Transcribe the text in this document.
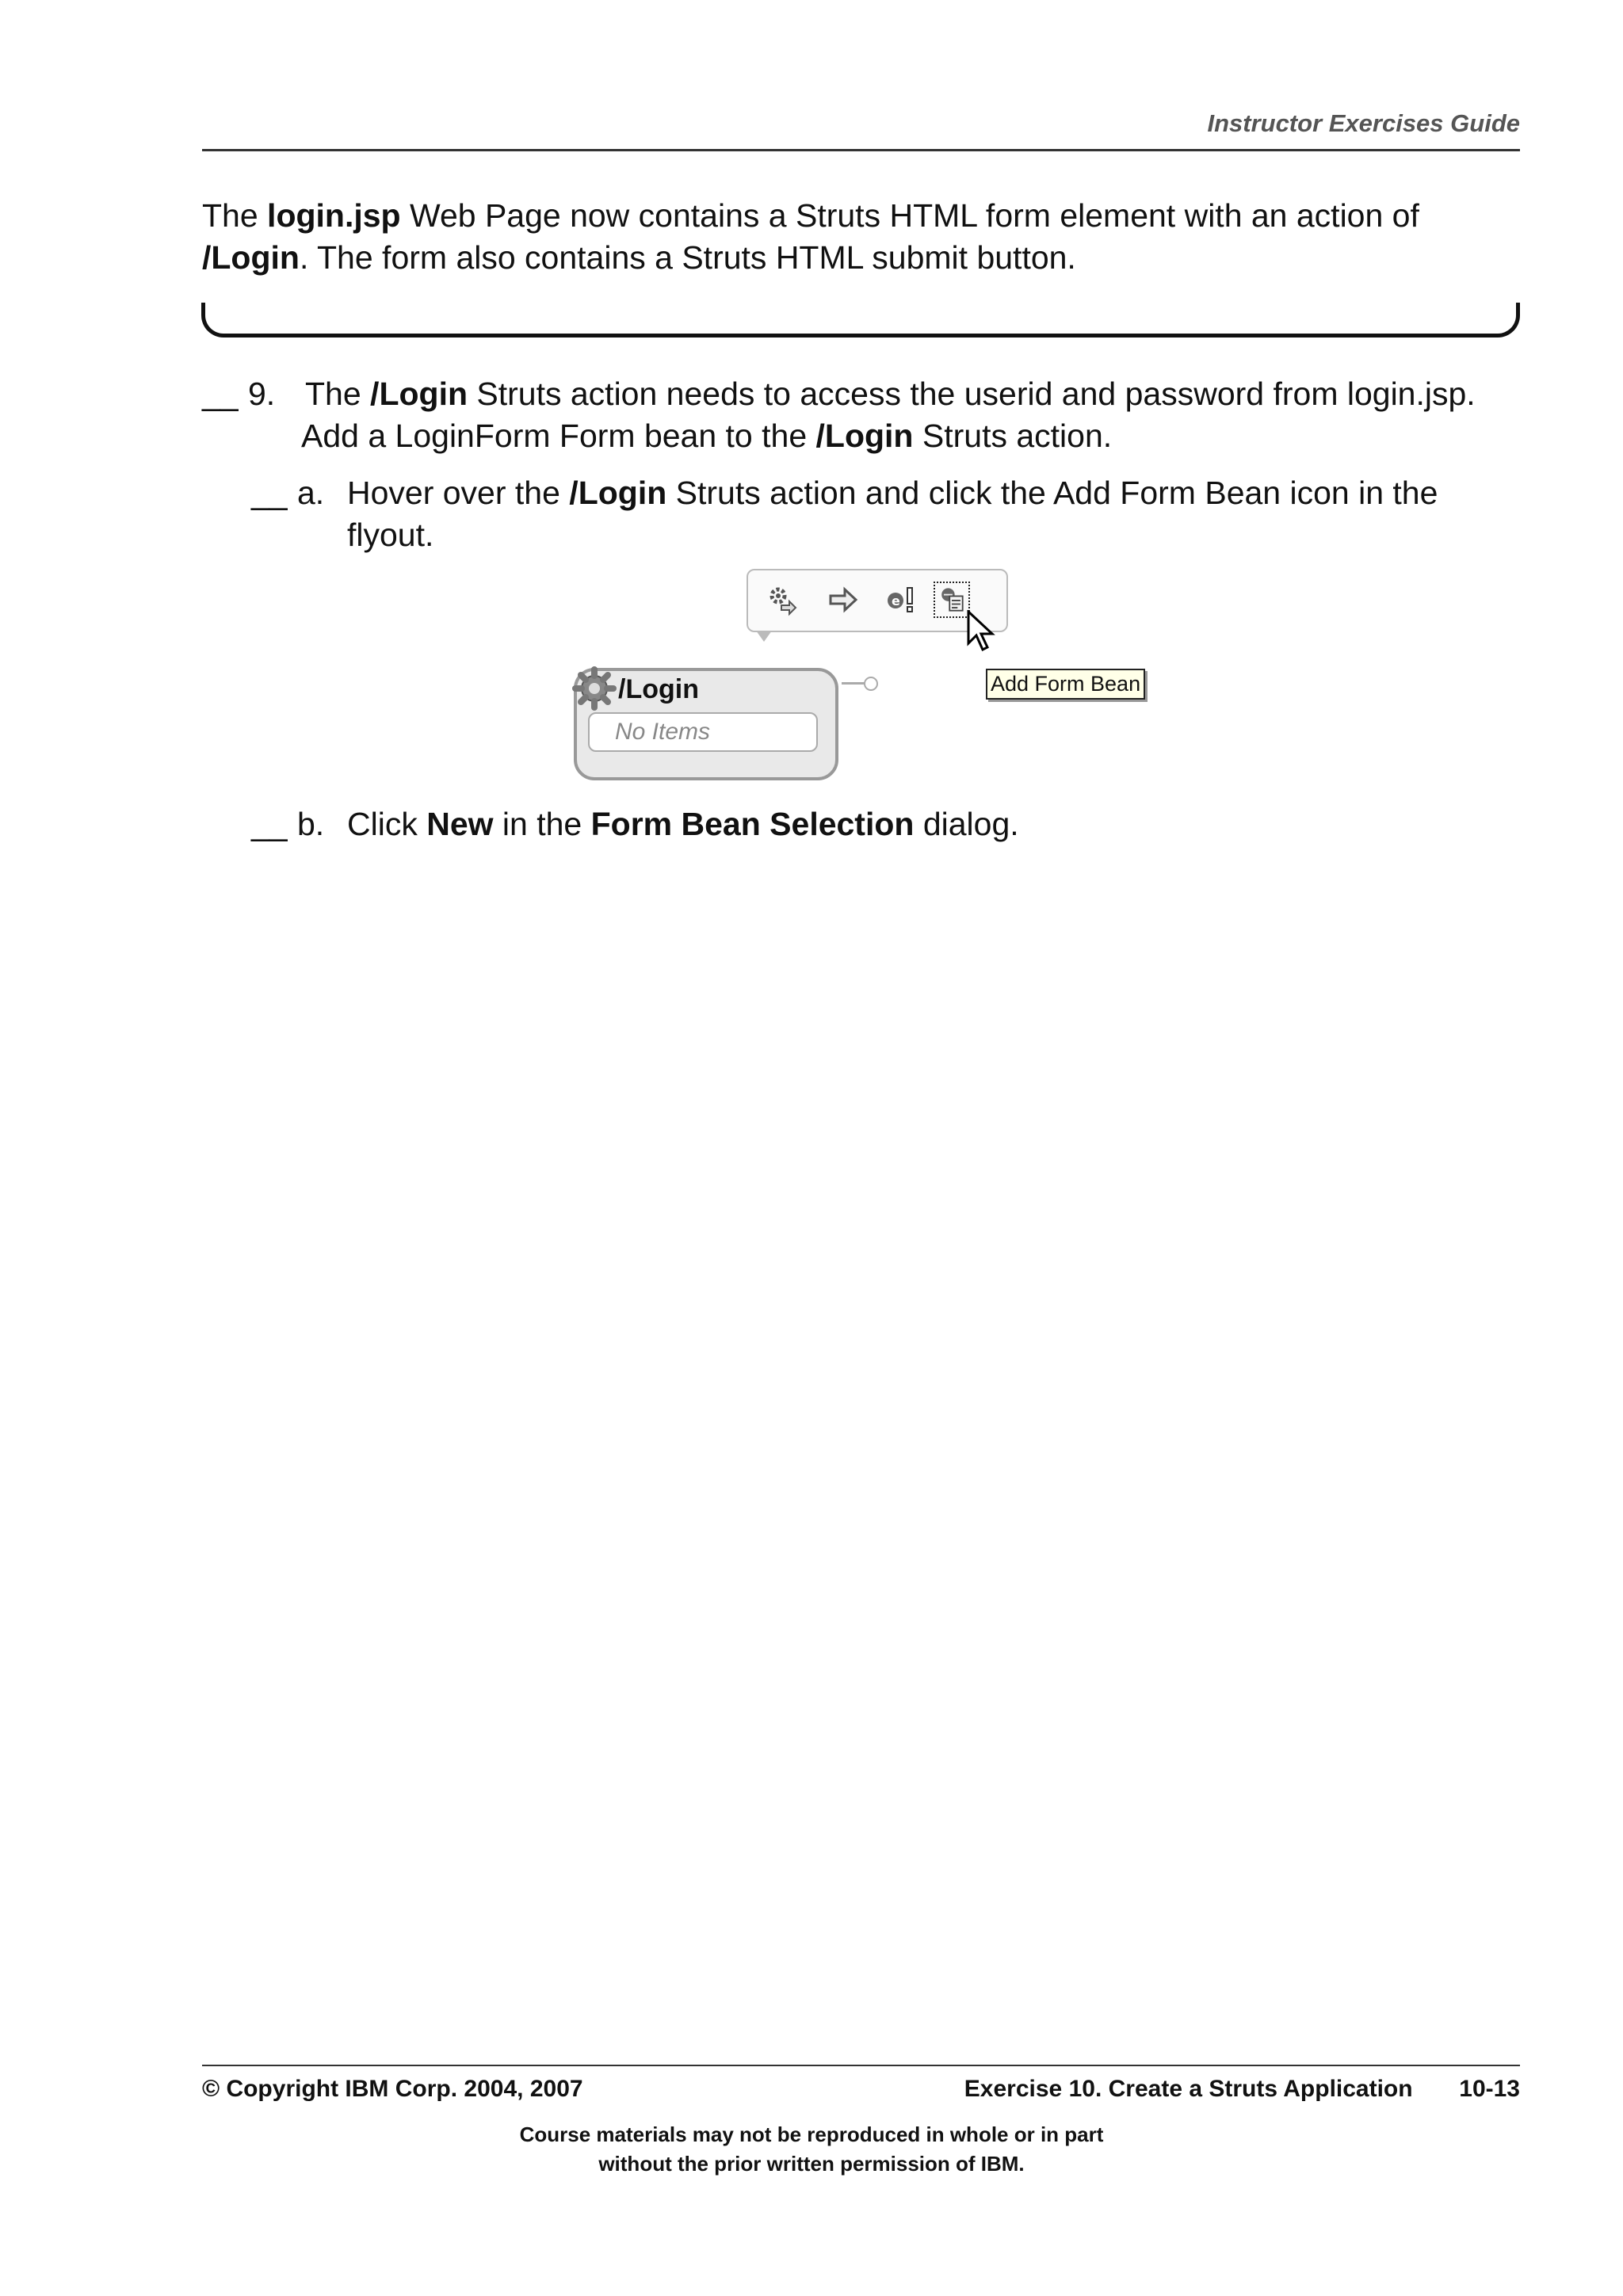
Instructor Exercises Guide
The login.jsp Web Page now contains a Struts HTML form element with an action of
/Login. The form also contains a Struts HTML submit button.
__ 9. The /Login Struts action needs to access the userid and password from login.jsp.
Add a LoginForm Form bean to the /Login Struts action.
__ a. Hover over the /Login Struts action and click the Add Form Bean icon in the
flyout.
e
Add Form Bean
/Login
No Items
__ b. Click New in the Form Bean Selection dialog.
© Copyright IBM Corp. 2004, 2007	Exercise 10. Create a Struts Application 10-13
Course materials may not be reproduced in whole or in part
without the prior written permission of IBM.
